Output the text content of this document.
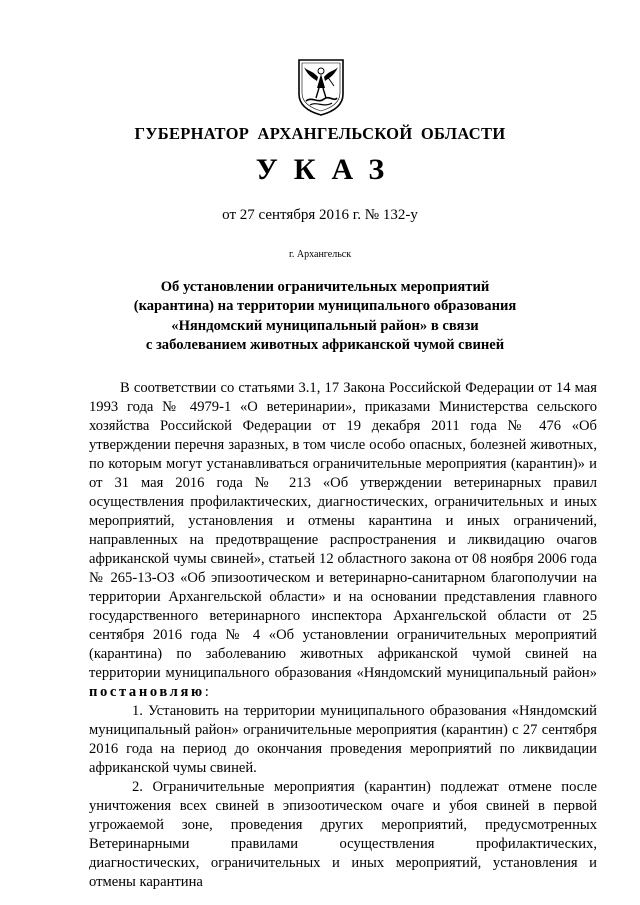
ГУБЕРНАТОР АРХАНГЕЛЬСКОЙ ОБЛАСТИ
УКАЗ
от 27 сентября 2016 г. № 132-у
г. Архангельск
Об установлении ограничительных мероприятий
(карантина) на территории муниципального образования
«Няндомский муниципальный район» в связи
с заболеванием животных африканской чумой свиней
В соответствии со статьями 3.1, 17 Закона Российской Федерации от 14 мая 1993 года № 4979-1 «О ветеринарии», приказами Министерства сельского хозяйства Российской Федерации от 19 декабря 2011 года № 476 «Об утверждении перечня заразных, в том числе особо опасных, болезней животных, по которым могут устанавливаться ограничительные мероприятия (карантин)» и от 31 мая 2016 года № 213 «Об утверждении ветеринарных правил осуществления профилактических, диагностических, ограничительных и иных мероприятий, установления и отмены карантина и иных ограничений, направленных на предотвращение распространения и ликвидацию очагов африканской чумы свиней», статьей 12 областного закона от 08 ноября 2006 года № 265-13-ОЗ «Об эпизоотическом и ветеринарно-санитарном благополучии на территории Архангельской области» и на основании представления главного государственного ветеринарного инспектора Архангельской области от 25 сентября 2016 года № 4 «Об установлении ограничительных мероприятий (карантина) по заболеванию животных африканской чумой свиней на территории муниципального образования «Няндомский муниципальный район» постановляю:
1. Установить на территории муниципального образования «Няндомский муниципальный район» ограничительные мероприятия (карантин) с 27 сентября 2016 года на период до окончания проведения мероприятий по ликвидации африканской чумы свиней.
2. Ограничительные мероприятия (карантин) подлежат отмене после уничтожения всех свиней в эпизоотическом очаге и убоя свиней в первой угрожаемой зоне, проведения других мероприятий, предусмотренных Ветеринарными правилами осуществления профилактических, диагностических, ограничительных и иных мероприятий, установления и отмены карантина
